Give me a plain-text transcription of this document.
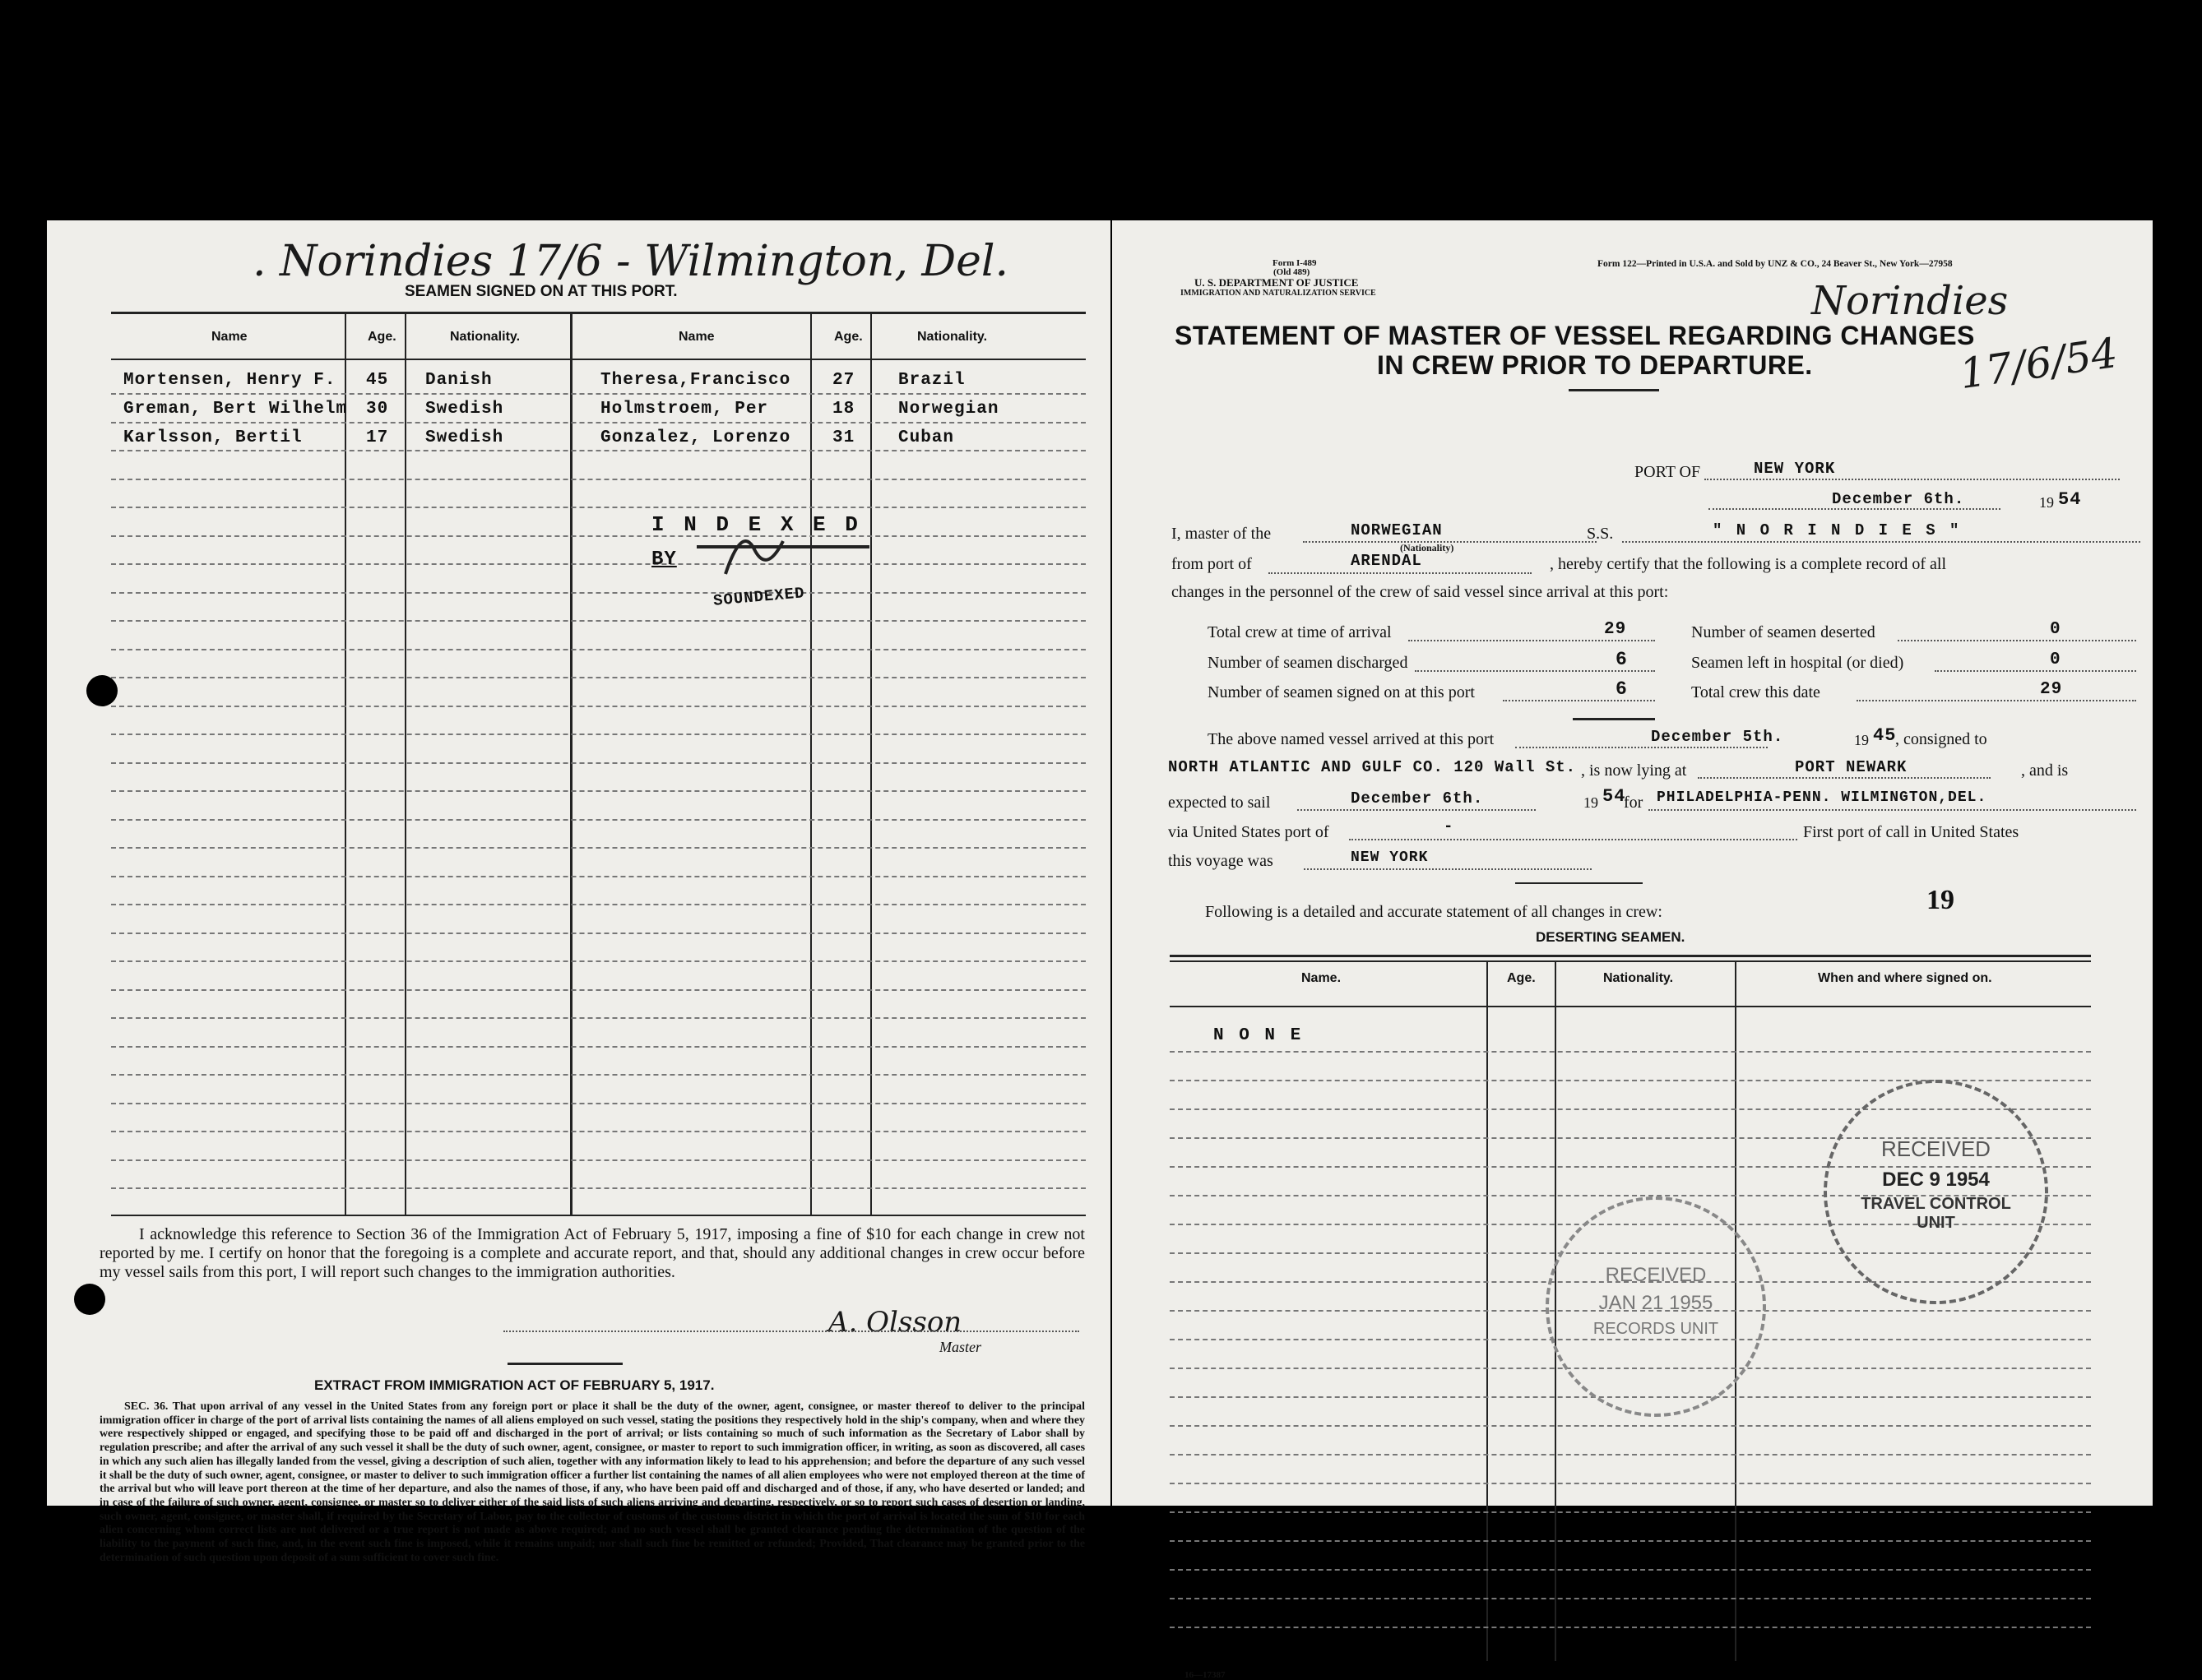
. Norindies 17/6 - Wilmington, Del.
SEAMEN SIGNED ON AT THIS PORT.
Name	Age.	Nationality.	Name	Age.	Nationality.
Mortensen, Henry F. 45 Danish	Theresa,Francisco 27	Brazil
Greman, Bert Wilhelm 30 Swedish	Holmstroem, Per	18	Norwegian
Karlsson, Bertil	17 Swedish	Gonzalez, Lorenzo 31	Cuban
I N D E X E D
BY
SOUNDEXED
I acknowledge this reference to Section 36 of the Immigration Act of February 5, 1917, imposing a fine of $10 for each change in crew not reported by me. I certify on honor that the foregoing is a complete and accurate report, and that, should any additional changes in crew occur before my vessel sails from this port, I will report such changes to the immigration authorities.
A. Olsson
Master
EXTRACT FROM IMMIGRATION ACT OF FEBRUARY 5, 1917.
SEC. 36. That upon arrival of any vessel in the United States from any foreign port or place it shall be the duty of the owner, agent, consignee, or master thereof to deliver to the principal immigration officer in charge of the port of arrival lists containing the names of all aliens employed on such vessel, stating the positions they respectively hold in the ship's company, when and where they were respectively shipped or engaged, and specifying those to be paid off and discharged in the port of arrival; or lists containing so much of such information as the Secretary of Labor shall by regulation prescribe; and after the arrival of any such vessel it shall be the duty of such owner, agent, consignee, or master to report to such immigration officer, in writing, as soon as discovered, all cases in which any such alien has illegally landed from the vessel, giving a description of such alien, together with any information likely to lead to his apprehension; and before the departure of any such vessel it shall be the duty of such owner, agent, consignee, or master to deliver to such immigration officer a further list containing the names of all alien employees who were not employed thereon at the time of the arrival but who will leave port thereon at the time of her departure, and also the names of those, if any, who have been paid off and discharged and of those, if any, who have deserted or landed; and in case of the failure of such owner, agent, consignee, or master so to deliver either of the said lists of such aliens arriving and departing, respectively, or so to report such cases of desertion or landing, such owner, agent, consignee, or master shall, if required by the Secretary of Labor, pay to the collector of customs of the customs district in which the port of arrival is located the sum of $10 for each alien concerning whom correct lists are not delivered or a true report is not made as above required; and no such vessel shall be granted clearance pending the determination of the question of the liability to the payment of such fine, and, in the event such fine is imposed, while it remains unpaid; nor shall such fine be remitted or refunded; Provided, That clearance may be granted prior to the determination of such question upon deposit of a sum sufficient to cover such fine.
Form I-489
(Old 489)
U. S. DEPARTMENT OF JUSTICE
IMMIGRATION AND NATURALIZATION SERVICE
Form 122—Printed in U.S.A. and Sold by UNZ & CO., 24 Beaver St., New York—27958
Norindies
17/6/54
STATEMENT OF MASTER OF VESSEL REGARDING CHANGES
IN CREW PRIOR TO DEPARTURE.
PORT OF	NEW YORK
December 6th.	19 54
I, master of the	NORWEGIAN
(Nationality)
S.S.	" N O R I N D I E S "
from port of	ARENDAL	, hereby certify that the following is a complete record of all
changes in the personnel of the crew of said vessel since arrival at this port:
Total crew at time of arrival	29	Number of seamen deserted	0
Number of seamen discharged	6	Seamen left in hospital (or died)	0
Number of seamen signed on at this port	6	Total crew this date	29
The above named vessel arrived at this port	December 5th.	19 45
, consigned to
NORTH ATLANTIC AND GULF CO. 120 Wall St. , is now lying at	PORT NEWARK	, and is
expected to sail	December 6th.	19 54
for PHILADELPHIA-PENN. WILMINGTON,DEL.
via United States port of	-	First port of call in United States
this voyage was	NEW YORK
Following is a detailed and accurate statement of all changes in crew:	19
DESERTING SEAMEN.
Name.	Age.	Nationality.	When and where signed on.
N O N E
RECEIVED
DEC 9 1954
TRAVEL CONTROL
UNIT
RECEIVED
JAN 21 1955
RECORDS UNIT
16—17387
